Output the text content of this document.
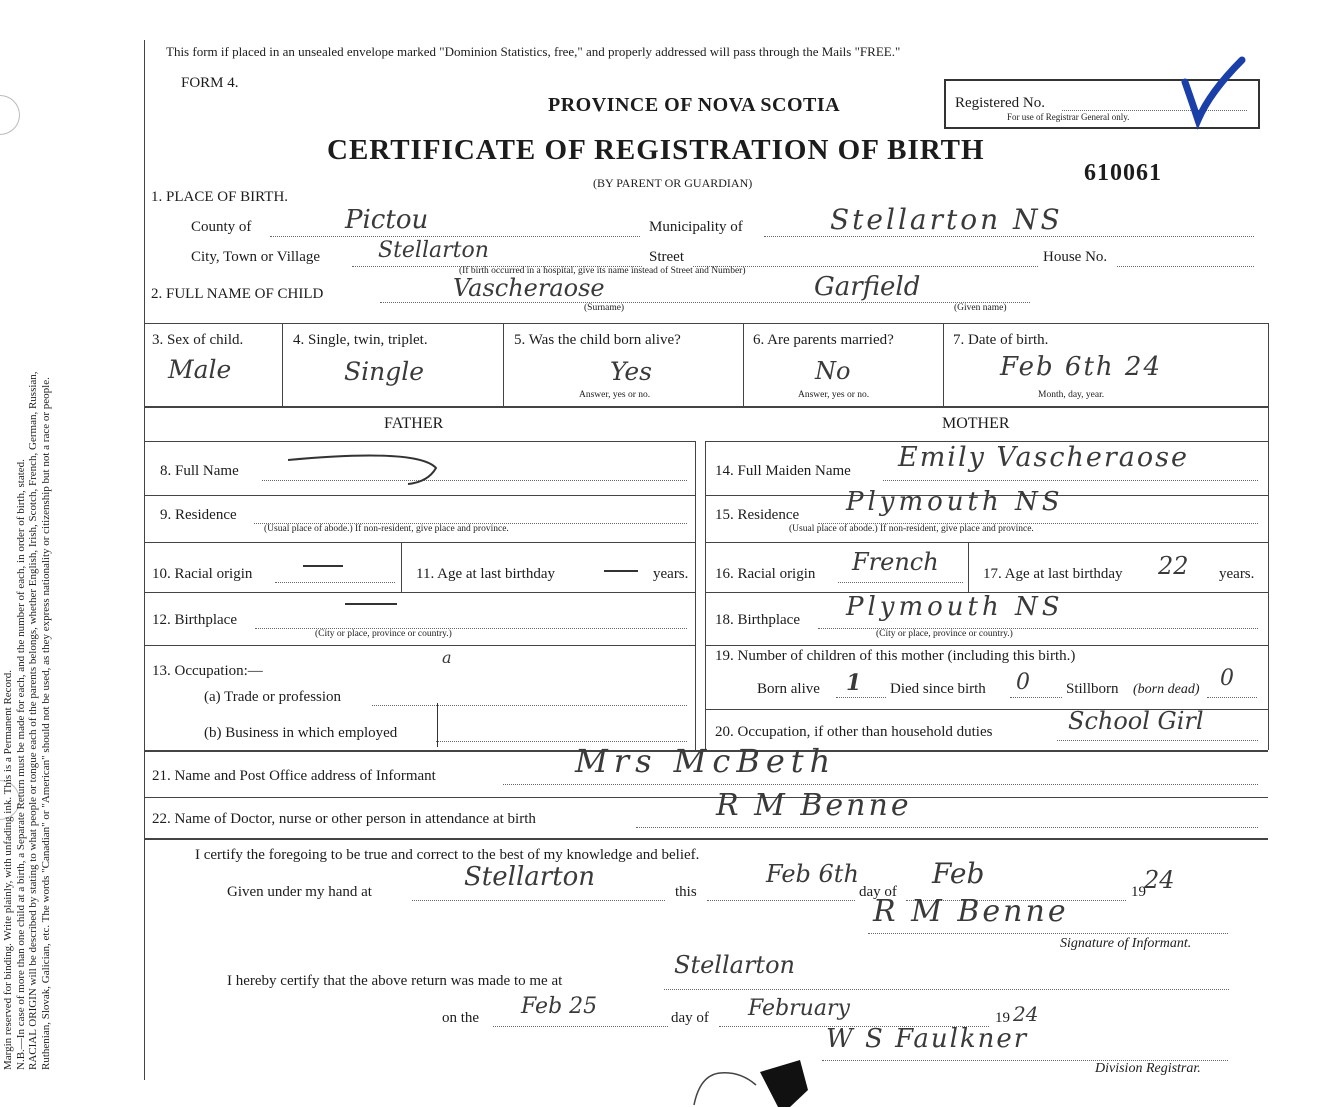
Margin reserved for binding. Write plainly, with unfading ink. This is a Permanent Record. N.B.—In case of more than one child at a birth, a Separate Return must be made for each, and the number of each, in order of birth, stated. RACIAL ORIGIN will be described by stating to what people or tongue each of the parents belongs, whether English, Irish, Scotch, French, German, Russian, Ruthenian, Slovak, Galician, etc. The words "Canadian" or "American" should not be used, as they express nationality or citizenship but not a race or people.
This form if placed in an unsealed envelope marked "Dominion Statistics, free," and properly addressed will pass through the Mails "FREE."
FORM 4.
PROVINCE OF NOVA SCOTIA
CERTIFICATE OF REGISTRATION OF BIRTH
(BY PARENT OR GUARDIAN)
Registered No.
For use of Registrar General only.
610061
1. PLACE OF BIRTH.
County of	Pictou	Municipality of	Stellarton NS
City, Town or Village	Stellarton	Street	House No.
(If birth occurred in a hospital, give its name instead of Street and Number)
2. FULL NAME OF CHILD	Vascheraose	Garfield
(Surname)	(Given name)
3. Sex of child.
Male
4. Single, twin, triplet.
Single
5. Was the child born alive?
Yes
Answer, yes or no.
6. Are parents married?
No
Answer, yes or no.
7. Date of birth.
Feb 6th 24
Month, day, year.
FATHER	MOTHER
8. Full Name
9. Residence
(Usual place of abode.) If non-resident, give place and province.
10. Racial origin	11. Age at last birthday	years.
12. Birthplace
(City or place, province or country.)
13. Occupation:—
a
(a) Trade or profession
(b) Business in which employed
14. Full Maiden Name Emily Vascheraose
15. Residence Plymouth NS
(Usual place of abode.) If non-resident, give place and province.
16. Racial origin French	17. Age at last birthday 22 years.
18. Birthplace Plymouth NS
(City or place, province or country.)
19. Number of children of this mother (including this birth.)
Born alive 1 Died since birth 0 Stillborn (born dead) 0
20. Occupation, if other than household duties	School Girl
21. Name and Post Office address of Informant	Mrs McBeth
22. Name of Doctor, nurse or other person in attendance at birth	R M Benne
I certify the foregoing to be true and correct to the best of my knowledge and belief.
Given under my hand at	Stellarton	this
Feb 6th
day of
Feb
19
24
R M Benne
Signature of Informant.
I hereby certify that the above return was made to me at
Stellarton
on the Feb 25	day of February	19 24
W S Faulkner
Division Registrar.
